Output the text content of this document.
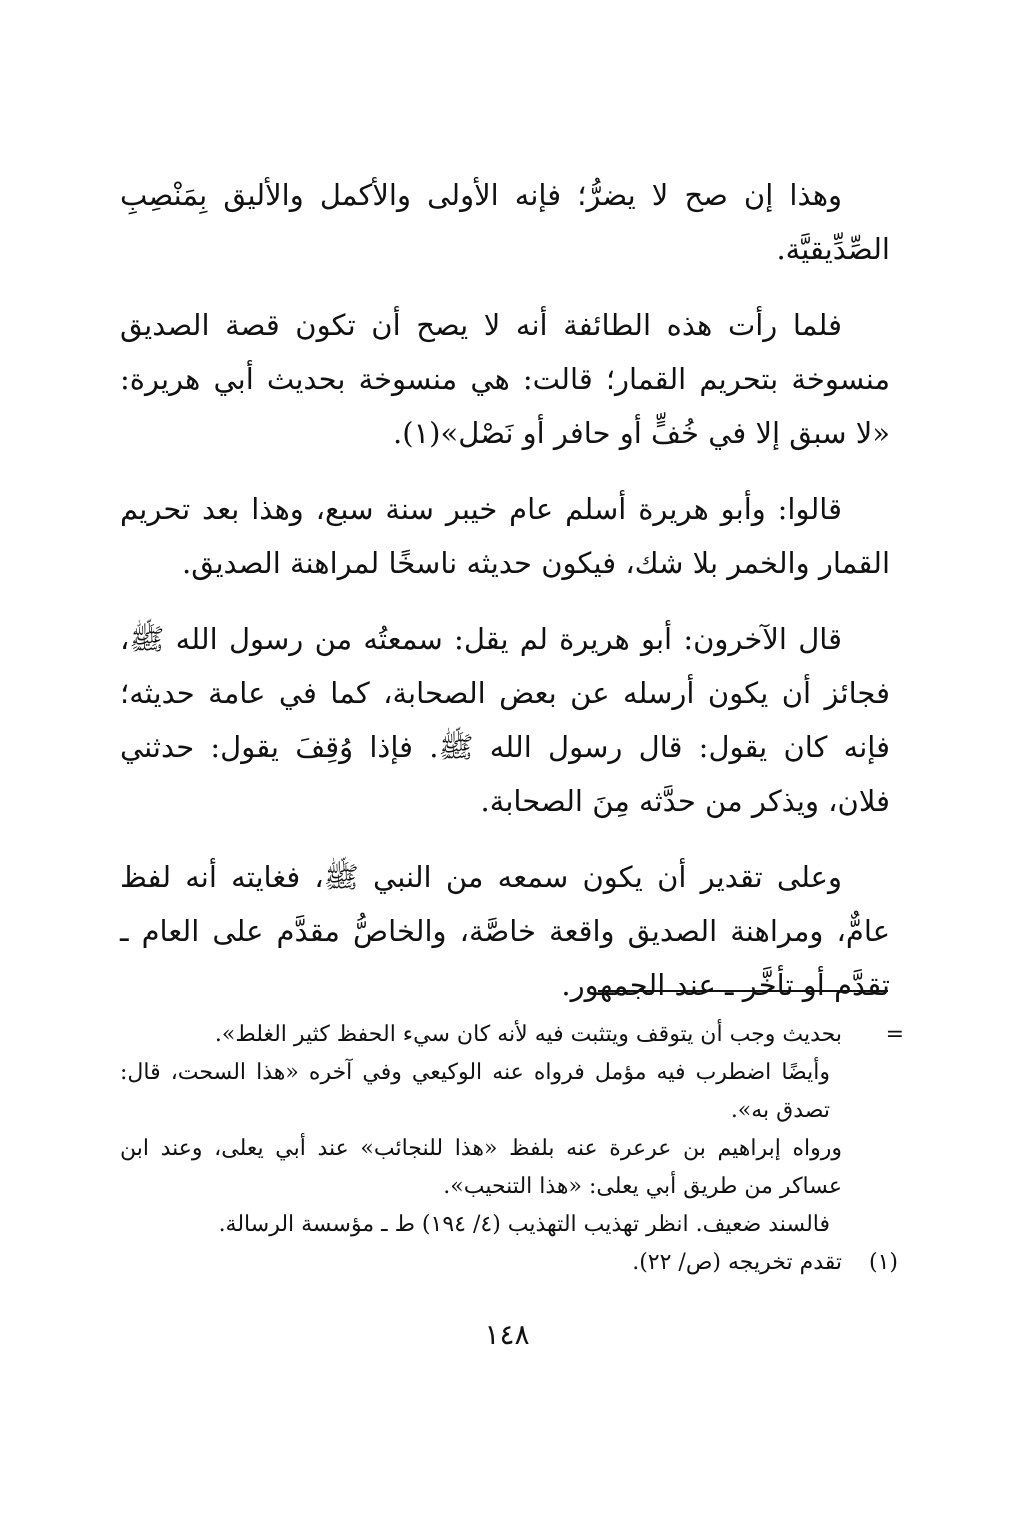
وهذا إن صح لا يضرُّ؛ فإنه الأولى والأكمل والأليق بِمَنْصِبِ الصِّدِّيقيَّة.

فلما رأت هذه الطائفة أنه لا يصح أن تكون قصة الصديق منسوخة بتحريم القمار؛ قالت: هي منسوخة بحديث أبي هريرة: «لا سبق إلا في خُفٍّ أو حافر أو نَصْل»(١).

قالوا: وأبو هريرة أسلم عام خيبر سنة سبع، وهذا بعد تحريم القمار والخمر بلا شك، فيكون حديثه ناسخًا لمراهنة الصديق.

قال الآخرون: أبو هريرة لم يقل: سمعتُه من رسول الله ﷺ، فجائز أن يكون أرسله عن بعض الصحابة، كما في عامة حديثه؛ فإنه كان يقول: قال رسول الله ﷺ. فإذا وُقِفَ يقول: حدثني فلان، ويذكر من حدَّثه مِنَ الصحابة.

وعلى تقدير أن يكون سمعه من النبي ﷺ، فغايته أنه لفظ عامٌّ، ومراهنة الصديق واقعة خاصَّة، والخاصُّ مقدَّم على العام ـ تقدَّم أو تأخَّر ـ عند الجمهور.

=
بحديث وجب أن يتوقف ويتثبت فيه لأنه كان سيء الحفظ كثير الغلط».
وأيضًا اضطرب فيه مؤمل فرواه عنه الوكيعي وفي آخره «هذا السحت، قال: تصدق به».
ورواه إبراهيم بن عرعرة عنه بلفظ «هذا للنجائب» عند أبي يعلى، وعند ابن عساكر من طريق أبي يعلى: «هذا التنحيب».
فالسند ضعيف. انظر تهذيب التهذيب (٤/ ١٩٤) ط ـ مؤسسة الرسالة.
(١)
تقدم تخريجه (ص/ ٢٢).
١٤٨
